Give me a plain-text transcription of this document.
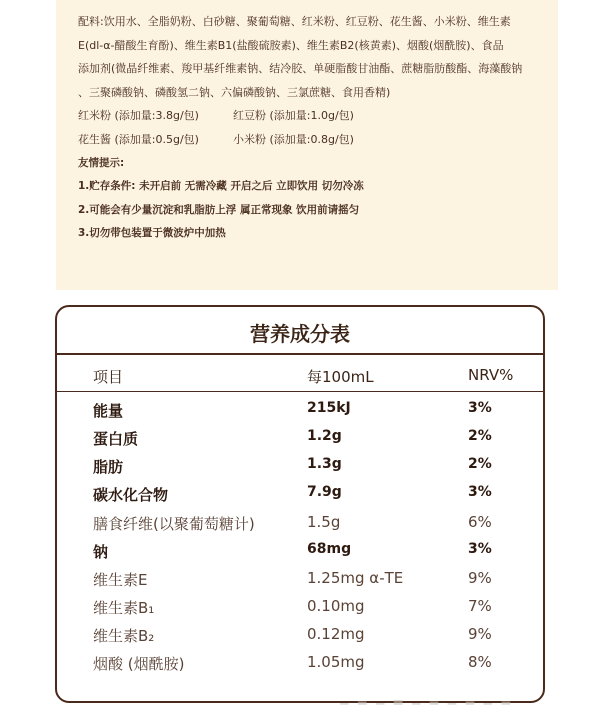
配料:饮用水、全脂奶粉、白砂糖、聚葡萄糖、红米粉、红豆粉、花生酱、小米粉、维生素

E(dl-α-醋酸生育酚)、维生素B1(盐酸硫胺素)、维生素B2(核黄素)、烟酸(烟酰胺)、食品

添加剂(微晶纤维素、羧甲基纤维素钠、结冷胶、单硬脂酸甘油酯、蔗糖脂肪酸酯、海藻酸钠

、三聚磷酸钠、磷酸氢二钠、六偏磷酸钠、三氯蔗糖、食用香精)

红米粉 (添加量:3.8g/包)	红豆粉 (添加量:1.0g/包)
花生酱 (添加量:0.5g/包)	小米粉 (添加量:0.8g/包)

友情提示:

1.贮存条件: 未开启前 无需冷藏 开启之后 立即饮用 切勿冷冻

2.可能会有少量沉淀和乳脂肪上浮 属正常现象 饮用前请摇匀

3.切勿带包装置于微波炉中加热

营养成分表
项目	每100mL	NRV%
能量	215kJ	3%
蛋白质	1.2g	2%
脂肪	1.3g	2%
碳水化合物	7.9g	3%
膳食纤维(以聚葡萄糖计)	1.5g	6%
钠	68mg	3%
维生素E	1.25mg α-TE	9%
维生素B₁	0.10mg	7%
维生素B₂	0.12mg	9%
烟酸 (烟酰胺)	1.05mg	8%
▁ ▂ ▁ ▃ ▁ ▂ ▁ ▂ ▁ ▂
